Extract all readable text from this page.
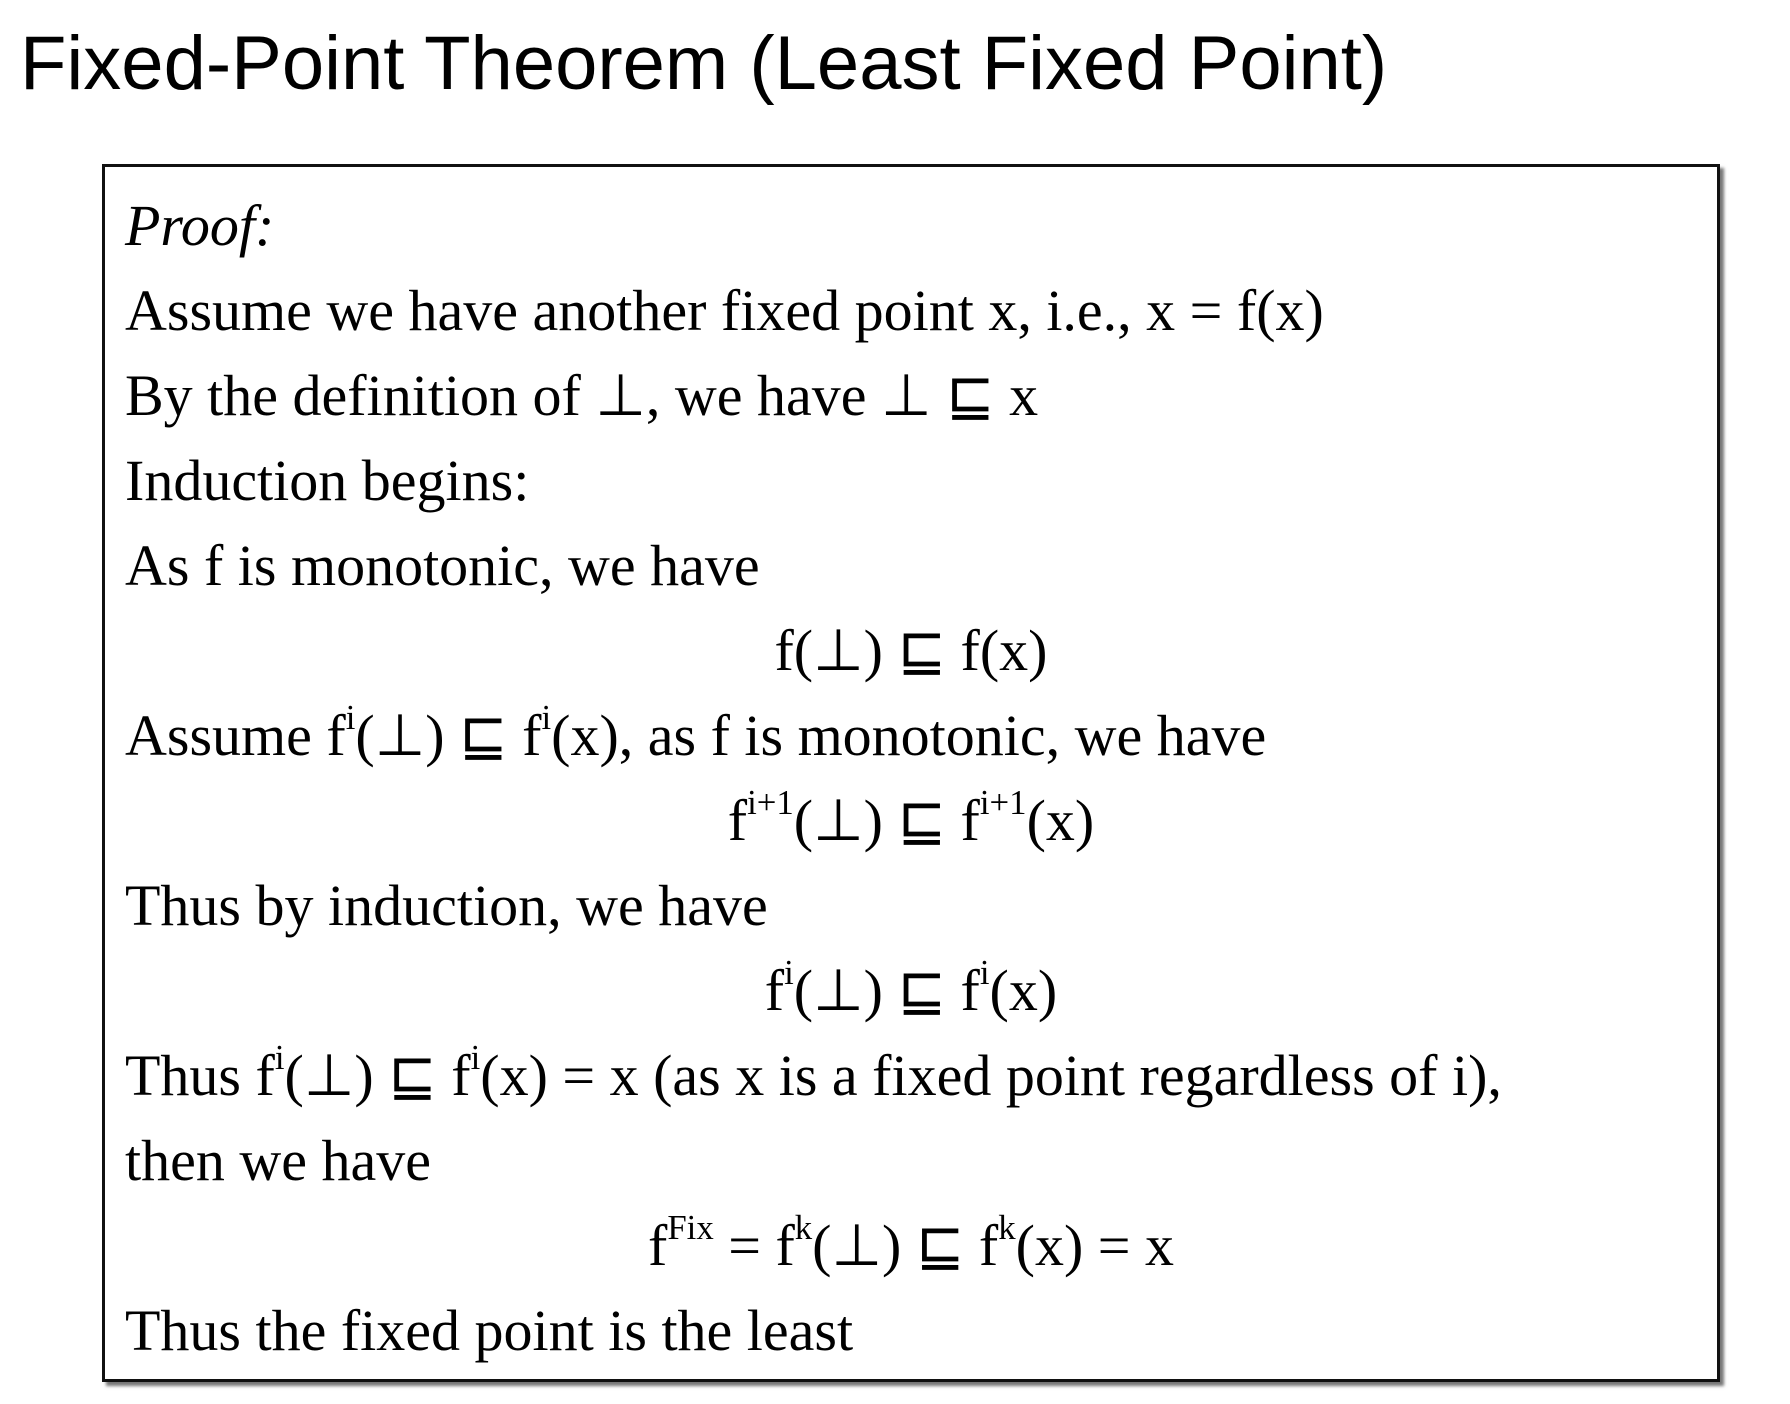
Fixed-Point Theorem (Least Fixed Point)
Proof:
Assume we have another fixed point x, i.e., x = f(x)
By the definition of ⊥, we have ⊥ ⊑ x
Induction begins:
As f is monotonic, we have
f(⊥) ⊑ f(x)
Assume $f^i(\perp)$ ⊑ $f^i(x)$, as f is monotonic, we have
$f^{i+1}(\perp)$ ⊑ $f^{i+1}(x)$
Thus by induction, we have
$f^i(\perp)$ ⊑ $f^i(x)$
Thus $f^i(\perp)$ ⊑ $f^i(x) = x$ (as x is a fixed point regardless of i),
then we have
$f^{Fix}$ = $f^k(\perp)$ ⊑ $f^k(x) = x$
Thus the fixed point is the least
